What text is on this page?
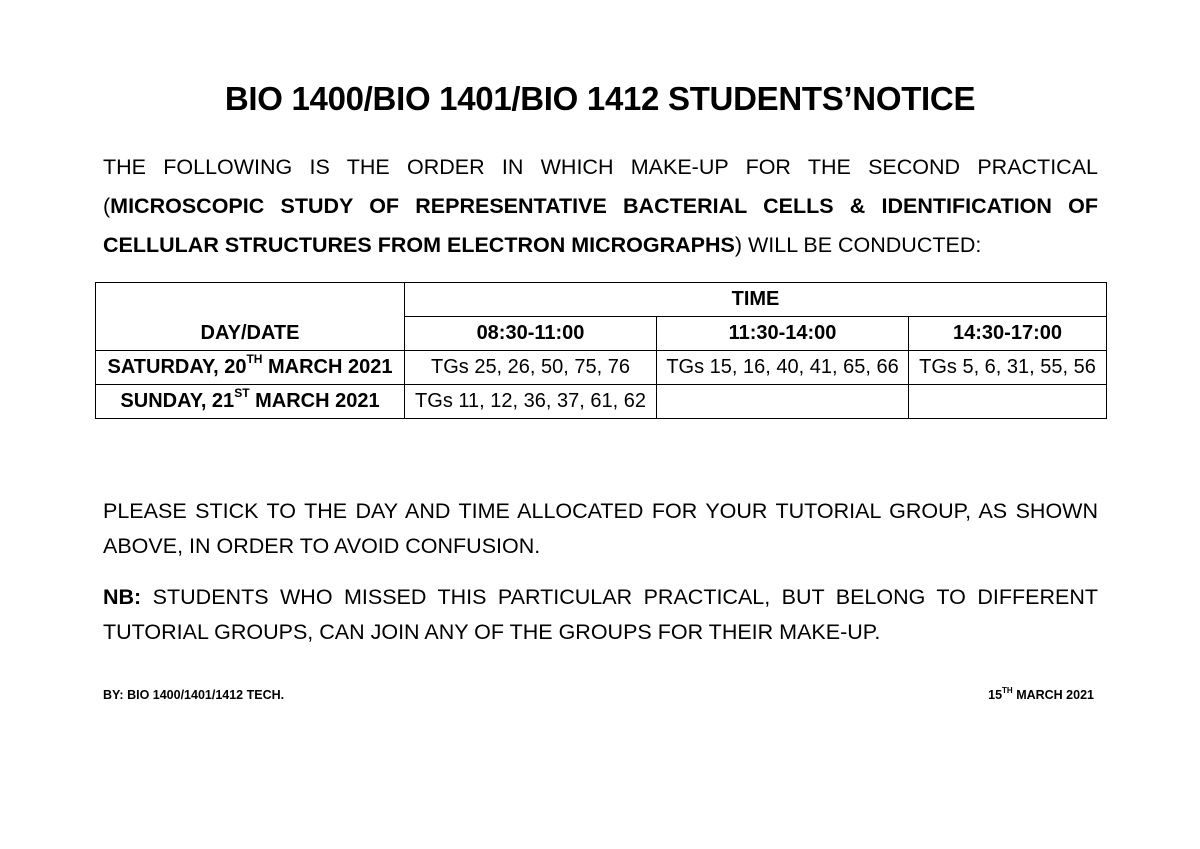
BIO 1400/BIO 1401/BIO 1412 STUDENTS’NOTICE

THE FOLLOWING IS THE ORDER IN WHICH MAKE-UP FOR THE SECOND PRACTICAL (MICROSCOPIC STUDY OF REPRESENTATIVE BACTERIAL CELLS & IDENTIFICATION OF CELLULAR STRUCTURES FROM ELECTRON MICROGRAPHS) WILL BE CONDUCTED:

DAY/DATE	TIME		
	08:30-11:00	11:30-14:00	14:30-17:00
SATURDAY, 20TH MARCH 2021	TGs 25, 26, 50, 75, 76	TGs 15, 16, 40, 41, 65, 66	TGs 5, 6, 31, 55, 56
SUNDAY, 21ST MARCH 2021	TGs 11, 12, 36, 37, 61, 62		

PLEASE STICK TO THE DAY AND TIME ALLOCATED FOR YOUR TUTORIAL GROUP, AS SHOWN ABOVE, IN ORDER TO AVOID CONFUSION.

NB: STUDENTS WHO MISSED THIS PARTICULAR PRACTICAL, BUT BELONG TO DIFFERENT TUTORIAL GROUPS, CAN JOIN ANY OF THE GROUPS FOR THEIR MAKE-UP.

BY: BIO 1400/1401/1412 TECH.	15TH MARCH 2021
